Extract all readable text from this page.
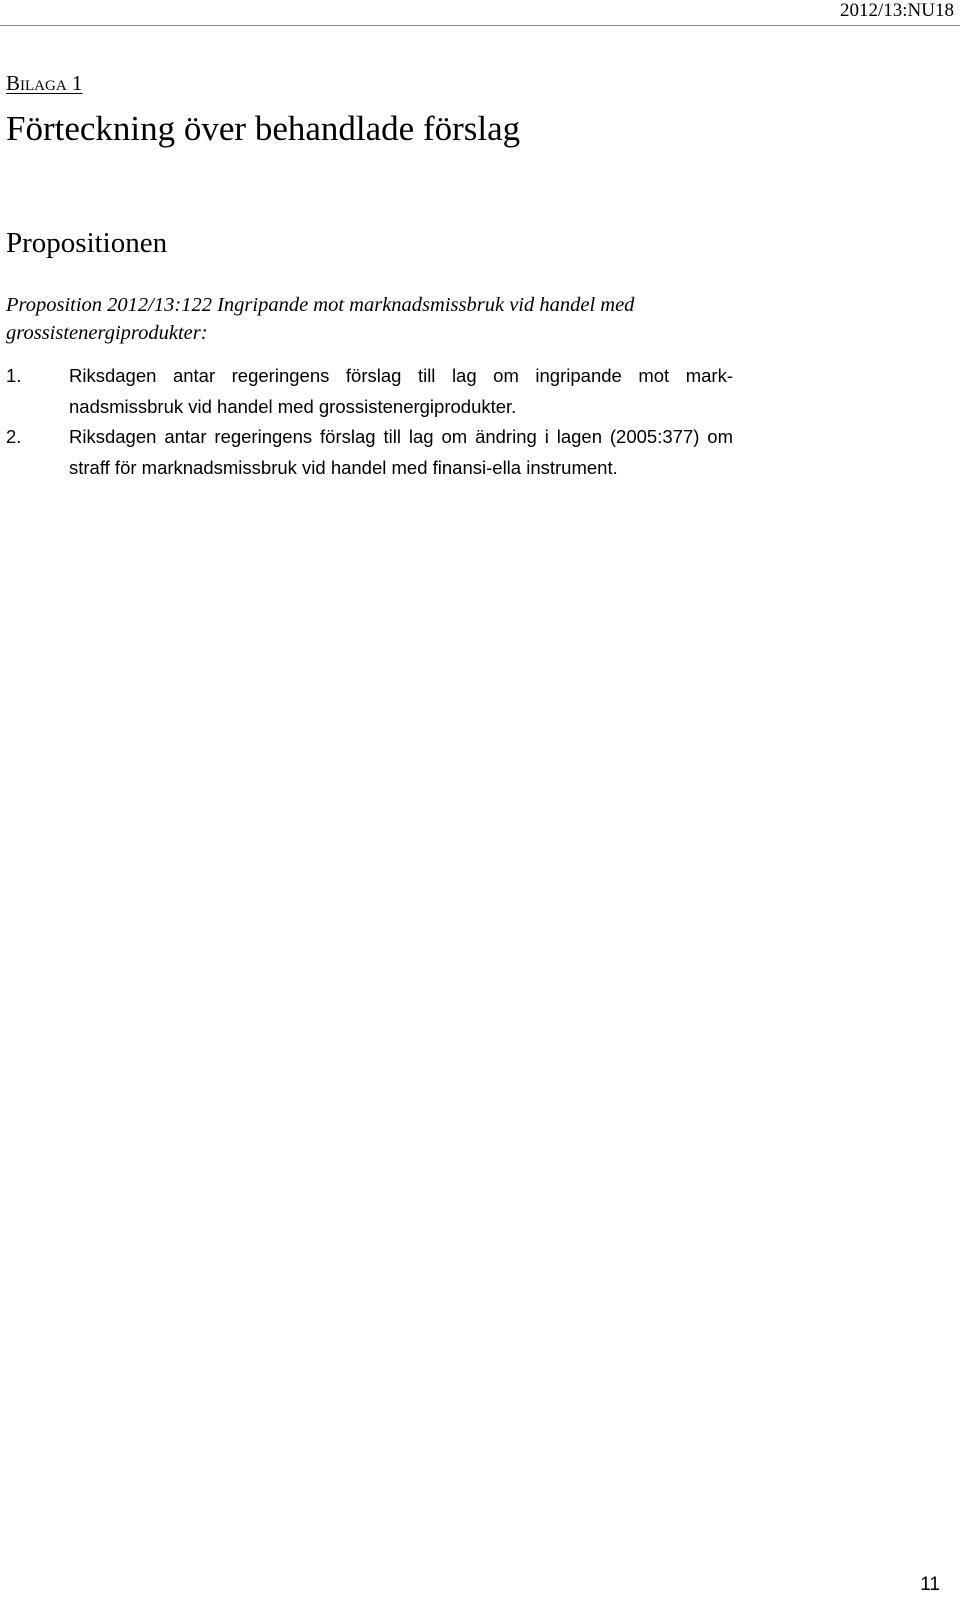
2012/13:NU18
Bilaga 1
Förteckning över behandlade förslag
Propositionen

Proposition 2012/13:122 Ingripande mot marknadsmissbruk vid handel med grossistenergiprodukter:

1.	Riksdagen antar regeringens förslag till lag om ingripande mot mark-nadsmissbruk vid handel med grossistenergiprodukter.
2.	Riksdagen antar regeringens förslag till lag om ändring i lagen (2005:377) om straff för marknadsmissbruk vid handel med finansi-ella instrument.
11
